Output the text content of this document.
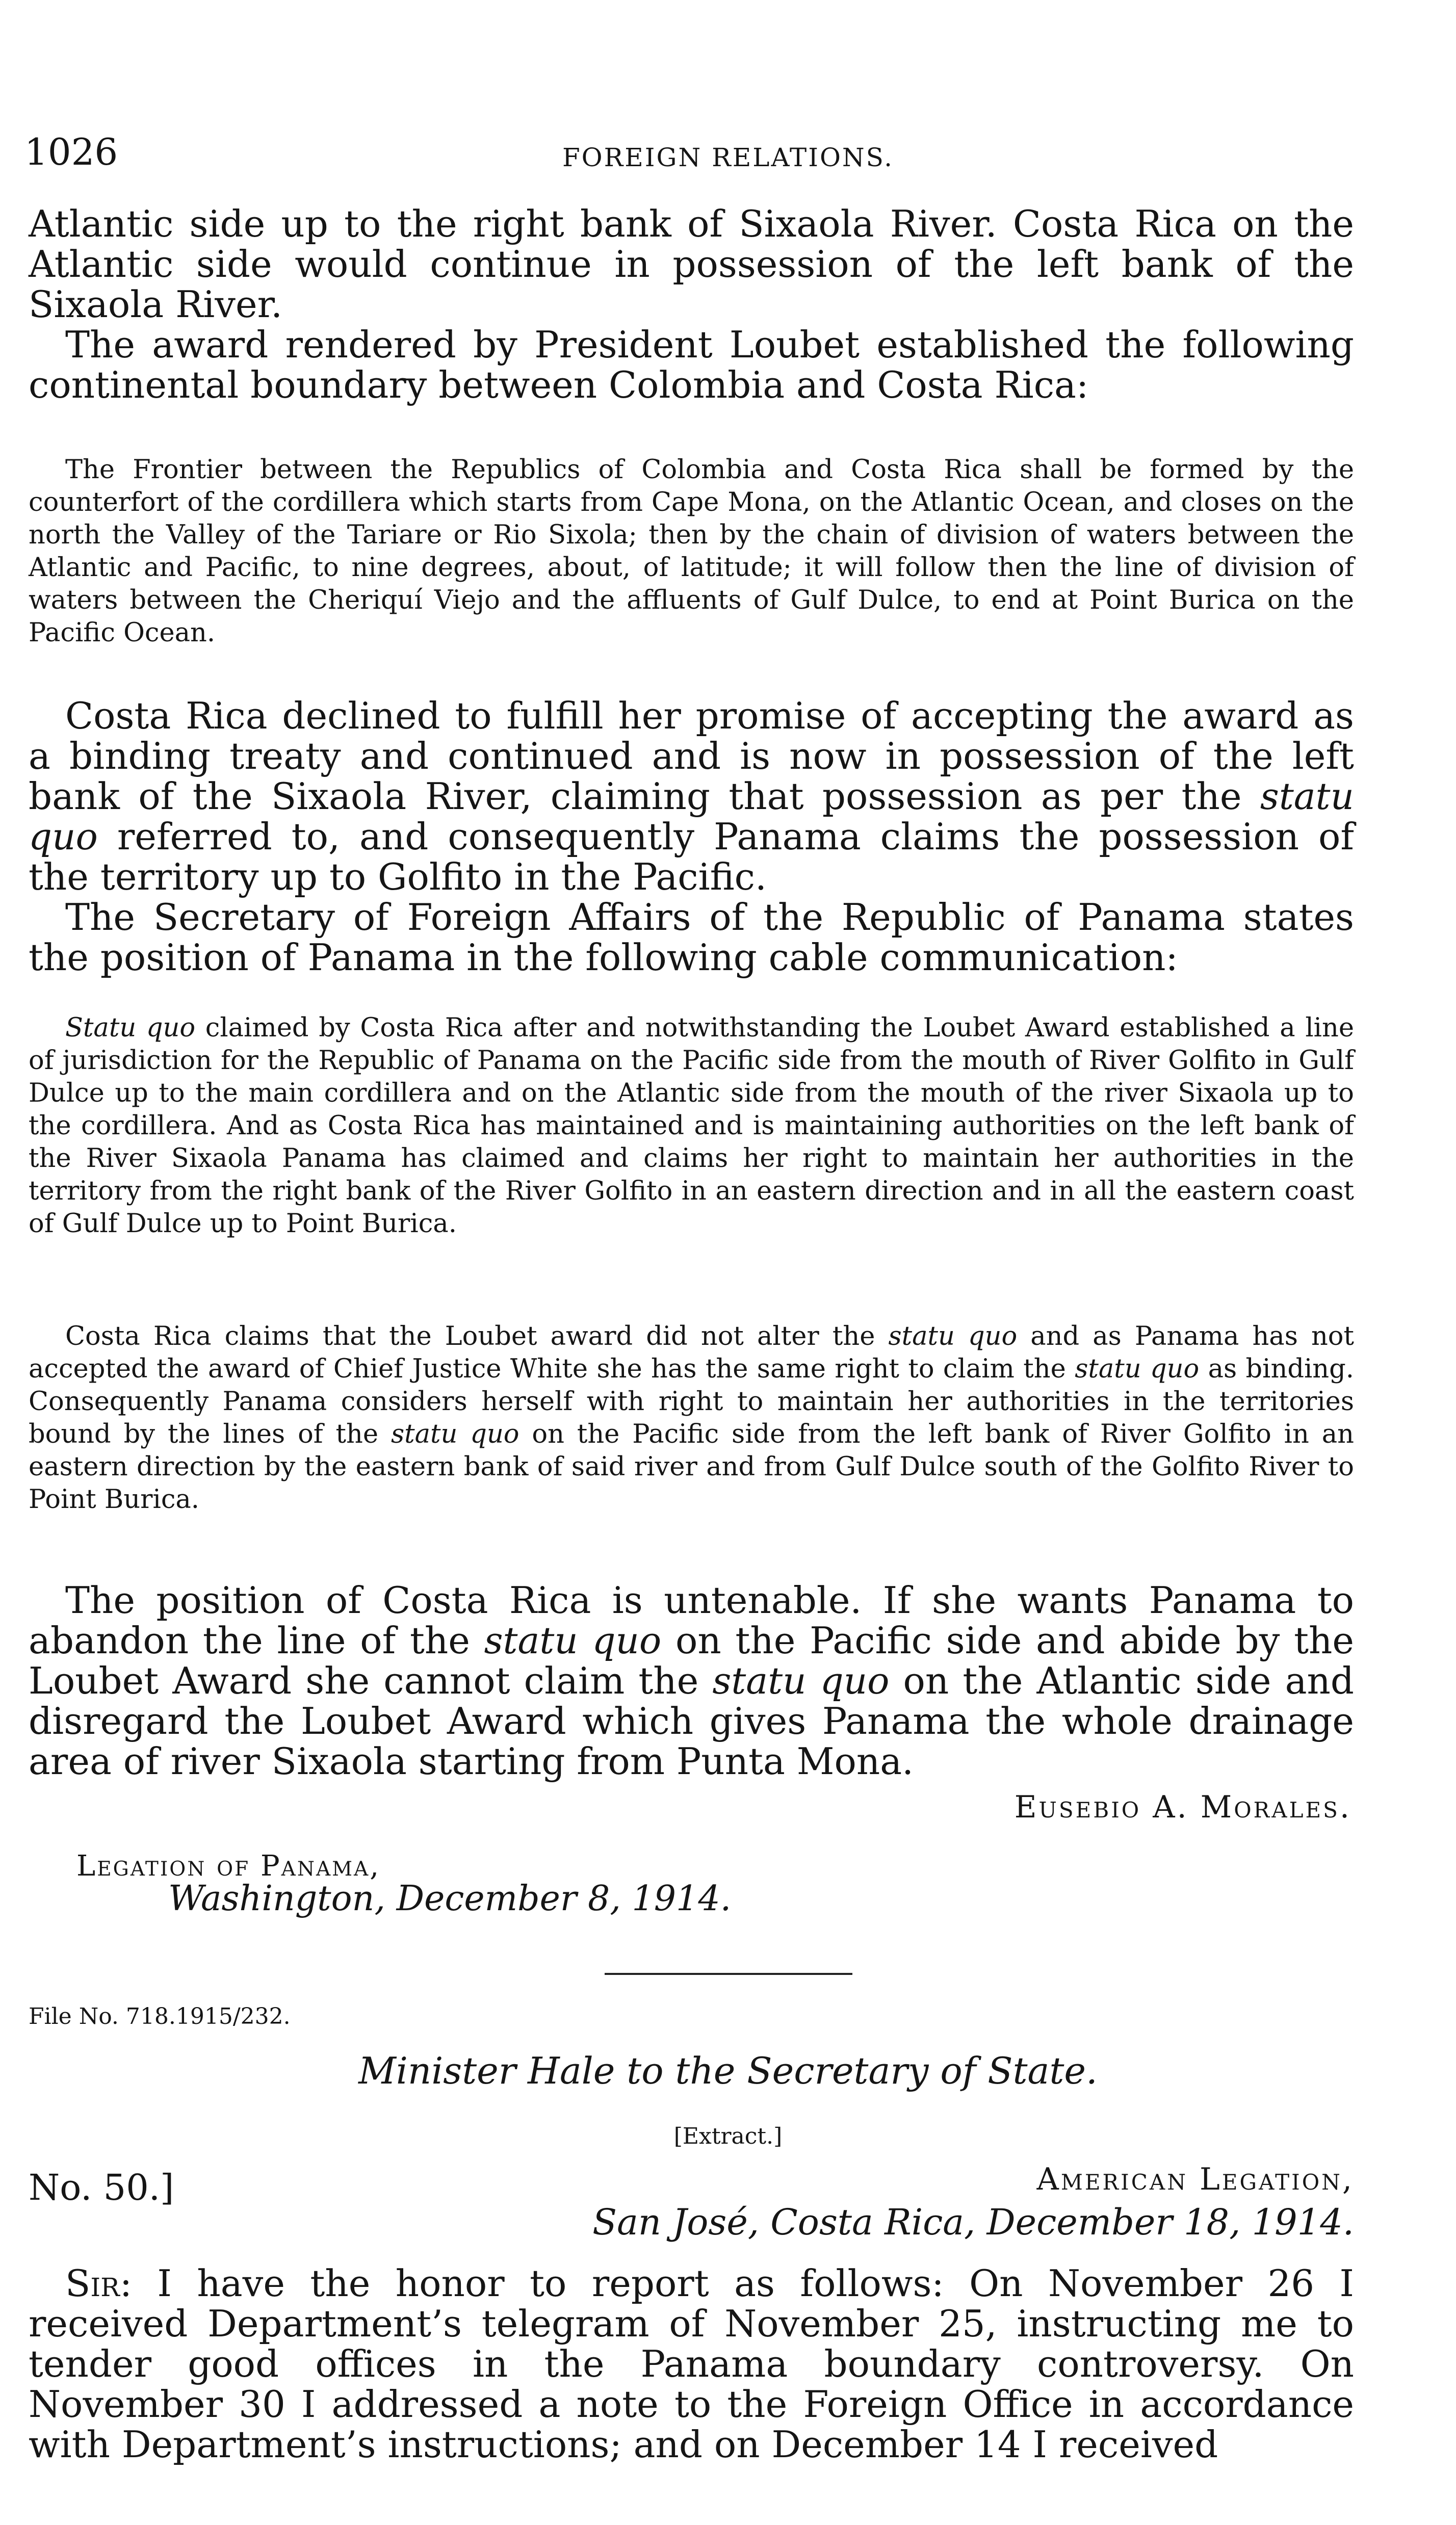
1026	FOREIGN RELATIONS.

Atlantic side up to the right bank of Sixaola River. Costa Rica on the Atlantic side would continue in possession of the left bank of the Sixaola River.

The award rendered by President Loubet established the following continental boundary between Colombia and Costa Rica:

The Frontier between the Republics of Colombia and Costa Rica shall be formed by the counterfort of the cordillera which starts from Cape Mona, on the Atlantic Ocean, and closes on the north the Valley of the Tariare or Rio Sixola; then by the chain of division of waters between the Atlantic and Pacific, to nine degrees, about, of latitude; it will follow then the line of division of waters between the Cheriquí Viejo and the affluents of Gulf Dulce, to end at Point Burica on the Pacific Ocean.

Costa Rica declined to fulfill her promise of accepting the award as a binding treaty and continued and is now in possession of the left bank of the Sixaola River, claiming that possession as per the statu quo referred to, and consequently Panama claims the possession of the territory up to Golfito in the Pacific.

The Secretary of Foreign Affairs of the Republic of Panama states the position of Panama in the following cable communication:

Statu quo claimed by Costa Rica after and notwithstanding the Loubet Award established a line of jurisdiction for the Republic of Panama on the Pacific side from the mouth of River Golfito in Gulf Dulce up to the main cordillera and on the Atlantic side from the mouth of the river Sixaola up to the cordillera. And as Costa Rica has maintained and is maintaining authorities on the left bank of the River Sixaola Panama has claimed and claims her right to maintain her authorities in the territory from the right bank of the River Golfito in an eastern direction and in all the eastern coast of Gulf Dulce up to Point Burica.

Costa Rica claims that the Loubet award did not alter the statu quo and as Panama has not accepted the award of Chief Justice White she has the same right to claim the statu quo as binding. Consequently Panama considers herself with right to maintain her authorities in the territories bound by the lines of the statu quo on the Pacific side from the left bank of River Golfito in an eastern direction by the eastern bank of said river and from Gulf Dulce south of the Golfito River to Point Burica.

The position of Costa Rica is untenable. If she wants Panama to abandon the line of the statu quo on the Pacific side and abide by the Loubet Award she cannot claim the statu quo on the Atlantic side and disregard the Loubet Award which gives Panama the whole drainage area of river Sixaola starting from Punta Mona.

Eusebio A. Morales.
Legation of Panama,
Washington, December 8, 1914.
File No. 718.1915/232.
Minister Hale to the Secretary of State.
[Extract.]
No. 50.]	American Legation,
San José, Costa Rica, December 18, 1914.

Sir: I have the honor to report as follows: On November 26 I received Department’s telegram of November 25, instructing me to tender good offices in the Panama boundary controversy. On November 30 I addressed a note to the Foreign Office in accordance with Department’s instructions; and on December 14 I received
